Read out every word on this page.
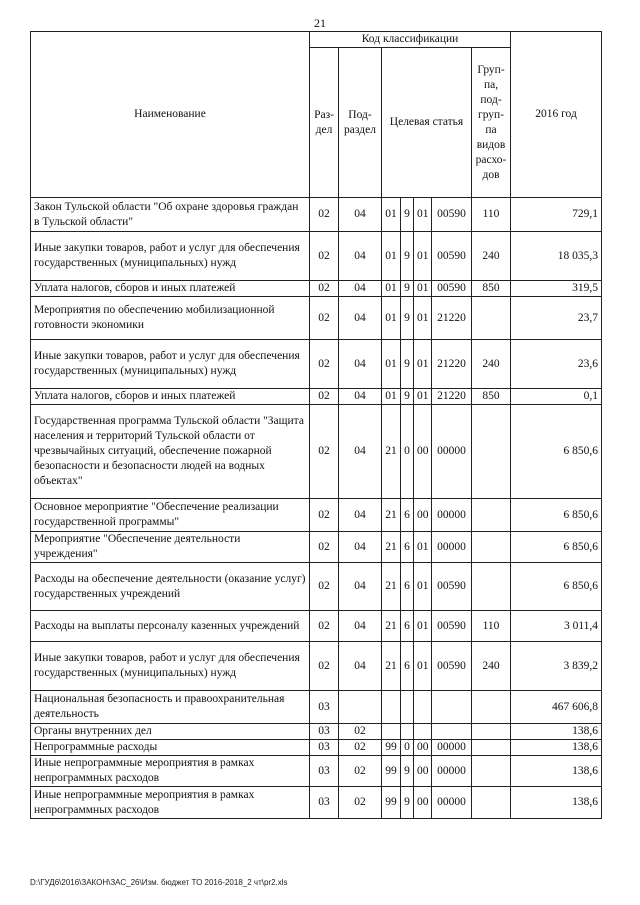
21
Наименование	Код классификации							2016 год
	Раз-дел	Под-раздел	Целевая статья				Груп-па, под-груп-па видов расхо-дов	
Закон Тульской области "Об охране здоровья граждан в Тульской области"	02	04	01	9	01	00590	110	729,1
Иные закупки товаров, работ и услуг для обеспечения государственных (муниципальных) нужд	02	04	01	9	01	00590	240	18 035,3
Уплата налогов, сборов и иных платежей	02	04	01	9	01	00590	850	319,5
Мероприятия по обеспечению мобилизационной готовности экономики	02	04	01	9	01	21220		23,7
Иные закупки товаров, работ и услуг для обеспечения государственных (муниципальных) нужд	02	04	01	9	01	21220	240	23,6
Уплата налогов, сборов и иных платежей	02	04	01	9	01	21220	850	0,1
Государственная программа Тульской области "Защита населения и территорий Тульской области от чрезвычайных ситуаций, обеспечение пожарной безопасности и безопасности людей на водных объектах"	02	04	21	0	00	00000		6 850,6
Основное мероприятие "Обеспечение реализации государственной программы"	02	04	21	6	00	00000		6 850,6
Мероприятие "Обеспечение деятельности учреждения"	02	04	21	6	01	00000		6 850,6
Расходы на обеспечение деятельности (оказание услуг) государственных учреждений	02	04	21	6	01	00590		6 850,6
Расходы на выплаты персоналу казенных учреждений	02	04	21	6	01	00590	110	3 011,4
Иные закупки товаров, работ и услуг для обеспечения государственных (муниципальных) нужд	02	04	21	6	01	00590	240	3 839,2
Национальная безопасность и правоохранительная деятельность	03							467 606,8
Органы внутренних дел	03	02						138,6
Непрограммные расходы	03	02	99	0	00	00000		138,6
Иные непрограммные мероприятия в рамках непрограммных расходов	03	02	99	9	00	00000		138,6
Иные непрограммные мероприятия в рамках непрограммных расходов	03	02	99	9	00	00000		138,6
D:\ГУД6\2016\ЗАКОН\ЗАС_26\Изм. бюджет ТО 2016-2018_2 чт\pr2.xls
